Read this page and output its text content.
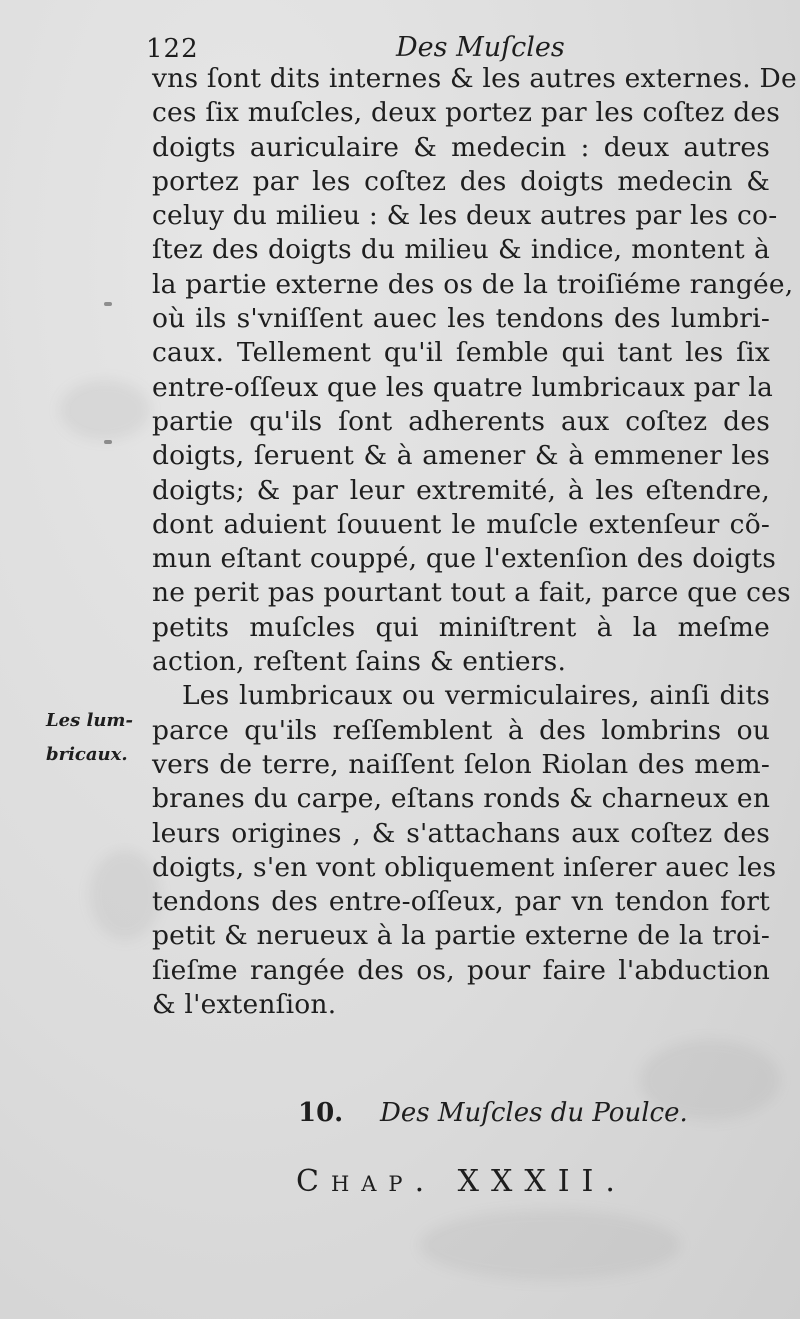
122	Des Muſcles
Les lum-
bricaux.
vns ſont dits internes & les autres externes. De
ces ſix muſcles, deux portez par les coſtez des
doigts auriculaire & medecin : deux autres
portez par les coſtez des doigts medecin &
celuy du milieu : & les deux autres par les co-
ſtez des doigts du milieu & indice, montent à
la partie externe des os de la troiſiéme rangée,
où ils s'vniſſent auec les tendons des lumbri-
caux. Tellement qu'il ſemble qui tant les ſix
entre-oſſeux que les quatre lumbricaux par la
partie qu'ils ſont adherents aux coſtez des
doigts, ſeruent & à amener & à emmener les
doigts; & par leur extremité, à les eſtendre,
dont aduient ſouuent le muſcle extenſeur cõ-
mun eſtant couppé, que l'extenſion des doigts
ne perit pas pourtant tout a fait, parce que ces
petits muſcles qui miniſtrent à la meſme
action, reſtent ſains & entiers.
Les lumbricaux ou vermiculaires, ainſi dits
parce qu'ils reſſemblent à des lombrins ou
vers de terre, naiſſent ſelon Riolan des mem-
branes du carpe, eſtans ronds & charneux en
leurs origines , & s'attachans aux coſtez des
doigts, s'en vont obliquement inſerer auec les
tendons des entre-oſſeux, par vn tendon fort
petit & nerueux à la partie externe de la troi-
ſieſme rangée des os, pour faire l'abduction
& l'extenſion.
10. Des Muſcles du Poulce.
Chap. XXXII.
